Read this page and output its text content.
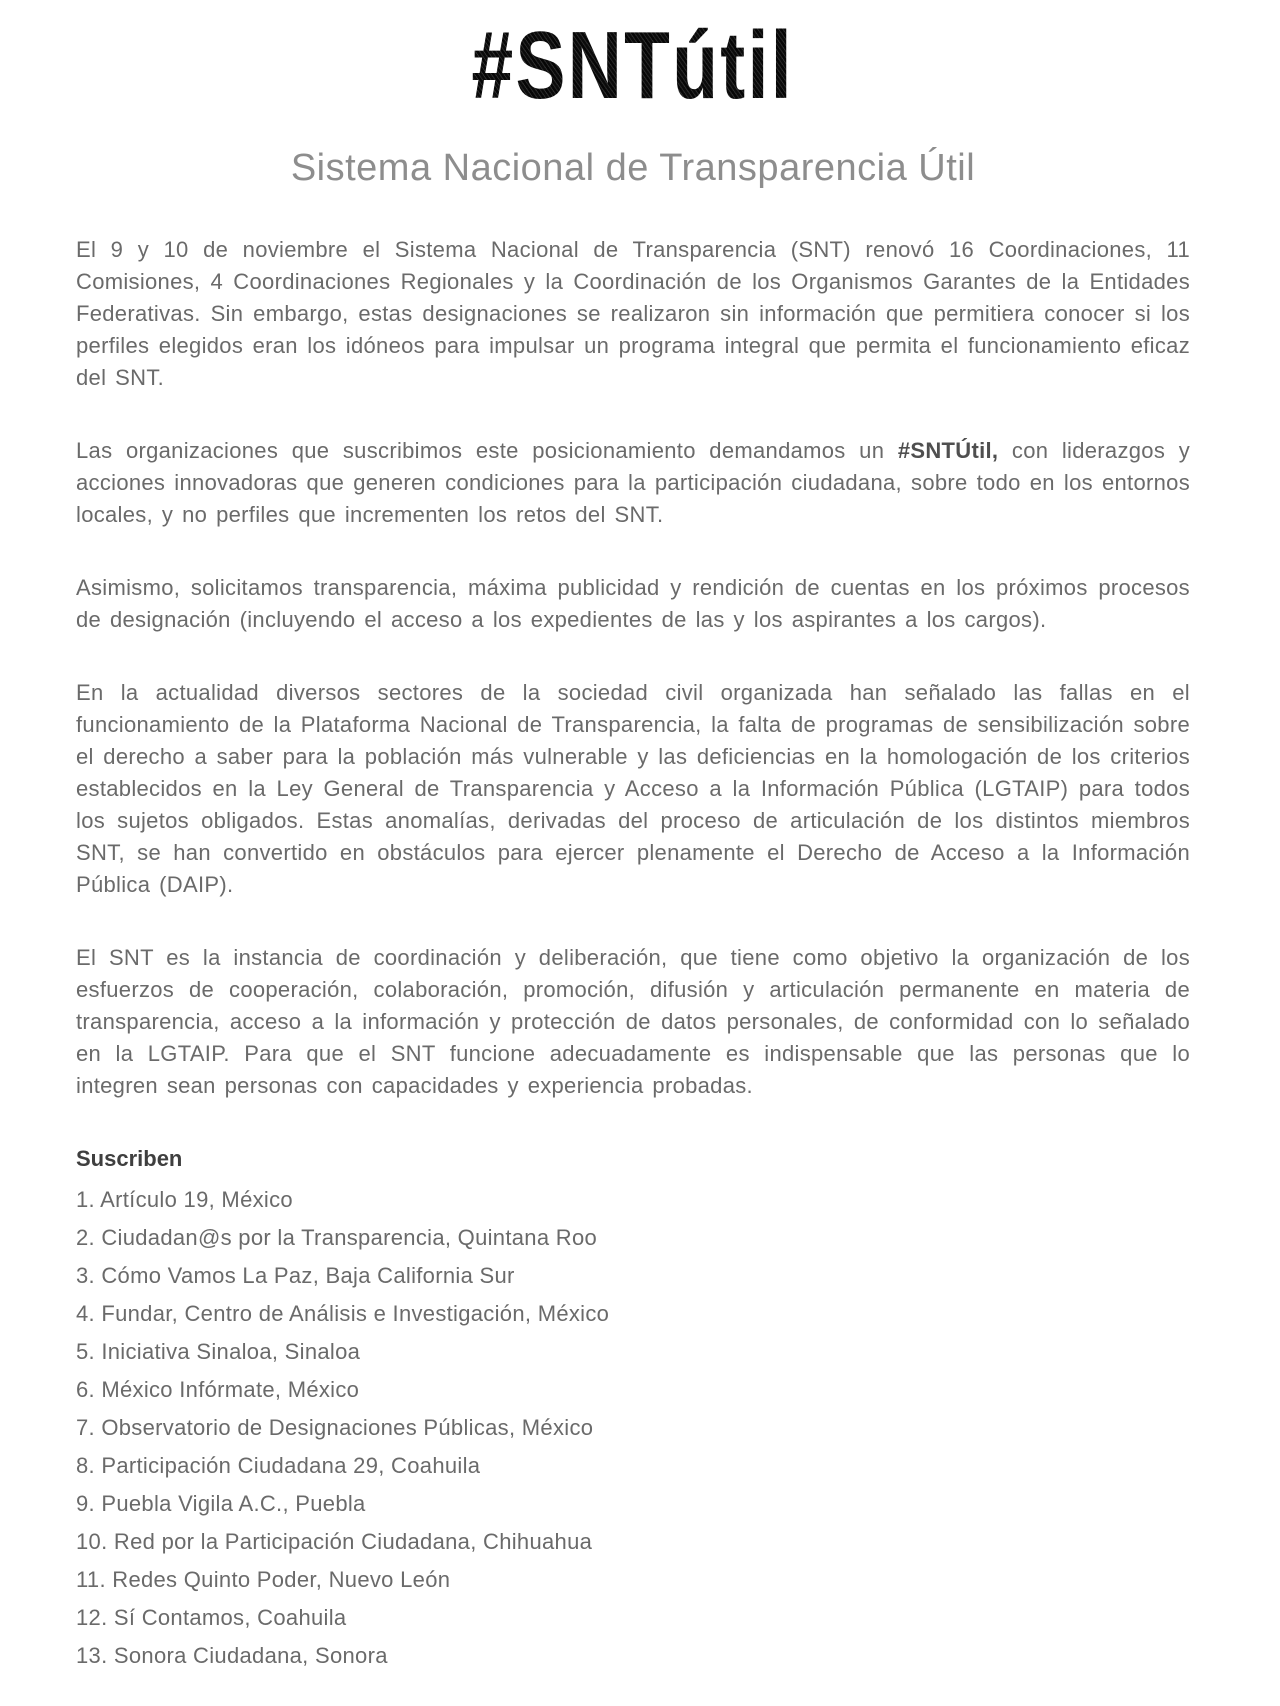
#SNTútil
Sistema Nacional de Transparencia Útil

El 9 y 10 de noviembre el Sistema Nacional de Transparencia (SNT) renovó 16 Coordinaciones, 11 Comisiones, 4 Coordinaciones Regionales y la Coordinación de los Organismos Garantes de la Entidades Federativas. Sin embargo, estas designaciones se realizaron sin información que permitiera conocer si los perfiles elegidos eran los idóneos para impulsar un programa integral que permita el funcionamiento eficaz del SNT.

Las organizaciones que suscribimos este posicionamiento demandamos un #SNTÚtil, con liderazgos y acciones innovadoras que generen condiciones para la participación ciudadana, sobre todo en los entornos locales, y no perfiles que incrementen los retos del SNT.

Asimismo, solicitamos transparencia, máxima publicidad y rendición de cuentas en los próximos procesos de designación (incluyendo el acceso a los expedientes de las y los aspirantes a los cargos).

En la actualidad diversos sectores de la sociedad civil organizada han señalado las fallas en el funcionamiento de la Plataforma Nacional de Transparencia, la falta de programas de sensibilización sobre el derecho a saber para la población más vulnerable y las deficiencias en la homologación de los criterios establecidos en la Ley General de Transparencia y Acceso a la Información Pública (LGTAIP) para todos los sujetos obligados. Estas anomalías, derivadas del proceso de articulación de los distintos miembros SNT, se han convertido en obstáculos para ejercer plenamente el Derecho de Acceso a la Información Pública (DAIP).

El SNT es la instancia de coordinación y deliberación, que tiene como objetivo la organización de los esfuerzos de cooperación, colaboración, promoción, difusión y articulación permanente en materia de transparencia, acceso a la información y protección de datos personales, de conformidad con lo señalado en la LGTAIP. Para que el SNT funcione adecuadamente es indispensable que las personas que lo integren sean personas con capacidades y experiencia probadas.

Suscriben
1. Artículo 19, México
2. Ciudadan@s por la Transparencia, Quintana Roo
3. Cómo Vamos La Paz, Baja California Sur
4. Fundar, Centro de Análisis e Investigación, México
5. Iniciativa Sinaloa, Sinaloa
6. México Infórmate, México
7. Observatorio de Designaciones Públicas, México
8. Participación Ciudadana 29, Coahuila
9. Puebla Vigila A.C., Puebla
10. Red por la Participación Ciudadana, Chihuahua
11. Redes Quinto Poder, Nuevo León
12. Sí Contamos, Coahuila
13. Sonora Ciudadana, Sonora
